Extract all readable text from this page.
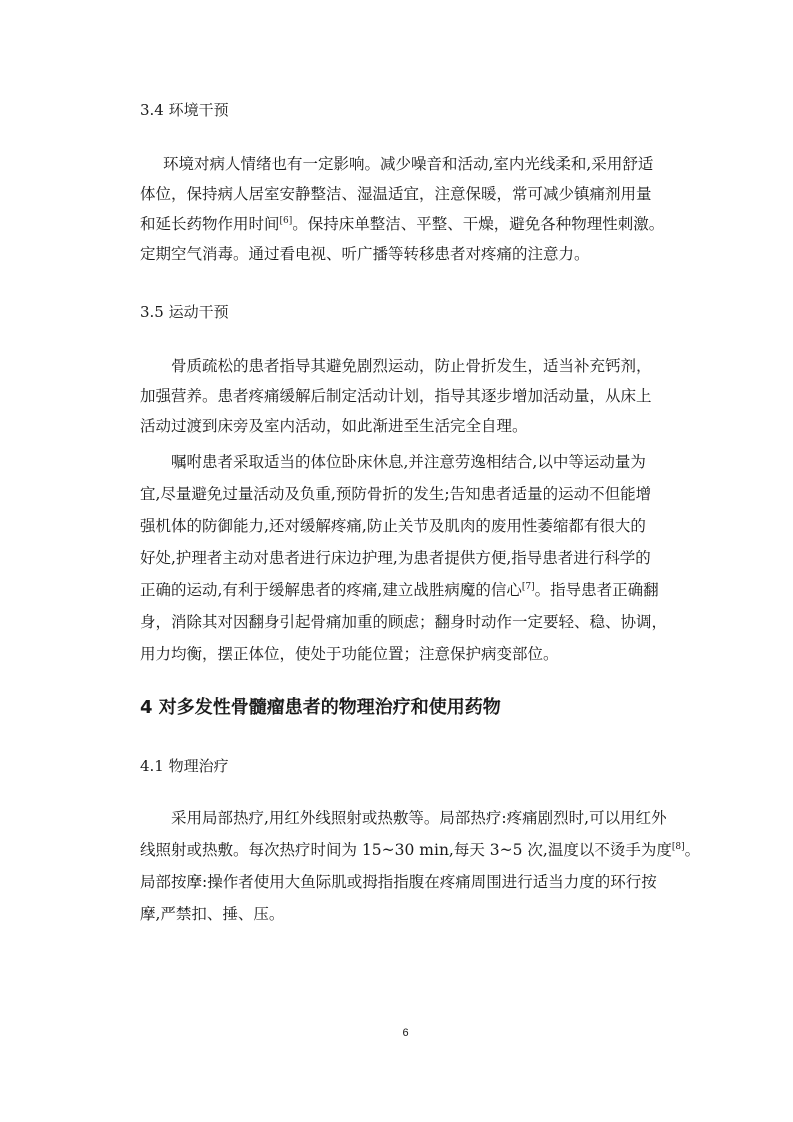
3.4 环境干预
环境对病人情绪也有一定影响。减少噪音和活动,室内光线柔和,采用舒适
体位，保持病人居室安静整洁、湿温适宜，注意保暖，常可减少镇痛剂用量
和延长药物作用时间[6]。保持床单整洁、平整、干燥，避免各种物理性刺激。
定期空气消毒。通过看电视、听广播等转移患者对疼痛的注意力。
3.5 运动干预
骨质疏松的患者指导其避免剧烈运动，防止骨折发生，适当补充钙剂，
加强营养。患者疼痛缓解后制定活动计划，指导其逐步增加活动量，从床上
活动过渡到床旁及室内活动，如此渐进至生活完全自理。
嘱咐患者采取适当的体位卧床休息,并注意劳逸相结合,以中等运动量为
宜,尽量避免过量活动及负重,预防骨折的发生;告知患者适量的运动不但能增
强机体的防御能力,还对缓解疼痛,防止关节及肌肉的废用性萎缩都有很大的
好处,护理者主动对患者进行床边护理,为患者提供方便,指导患者进行科学的
正确的运动,有利于缓解患者的疼痛,建立战胜病魔的信心[7]。指导患者正确翻
身，消除其对因翻身引起骨痛加重的顾虑；翻身时动作一定要轻、稳、协调，
用力均衡，摆正体位，使处于功能位置；注意保护病变部位。
4 对多发性骨髓瘤患者的物理治疗和使用药物
4.1 物理治疗
采用局部热疗,用红外线照射或热敷等。局部热疗:疼痛剧烈时,可以用红外
线照射或热敷。每次热疗时间为 15~30 min,每天 3~5 次,温度以不烫手为度[8]。
局部按摩:操作者使用大鱼际肌或拇指指腹在疼痛周围进行适当力度的环行按
摩,严禁扣、捶、压。
6
